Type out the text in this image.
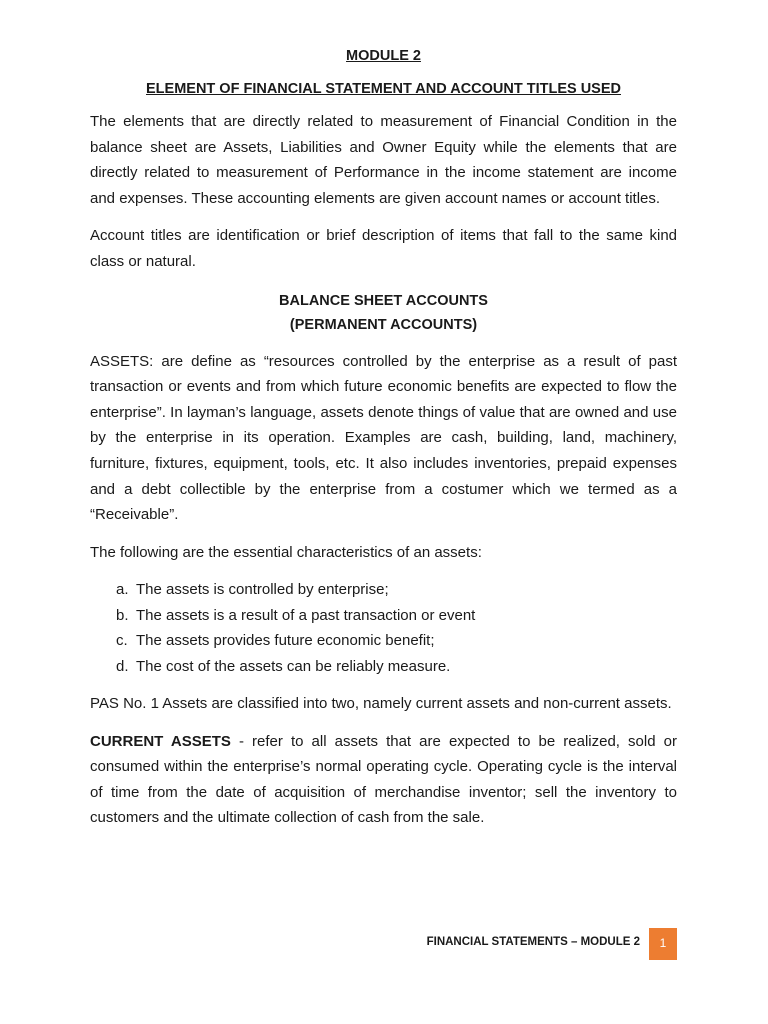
MODULE 2

ELEMENT OF FINANCIAL STATEMENT AND ACCOUNT TITLES USED

The elements that are directly related to measurement of Financial Condition in the balance sheet are Assets, Liabilities and Owner Equity while the elements that are directly related to measurement of Performance in the income statement are income and expenses. These accounting elements are given account names or account titles.

Account titles are identification or brief description of items that fall to the same kind class or natural.

BALANCE SHEET ACCOUNTS
(PERMANENT ACCOUNTS)

ASSETS: are define as “resources controlled by the enterprise as a result of past transaction or events and from which future economic benefits are expected to flow the enterprise”. In layman’s language, assets denote things of value that are owned and use by the enterprise in its operation. Examples are cash, building, land, machinery, furniture, fixtures, equipment, tools, etc. It also includes inventories, prepaid expenses and a debt collectible by the enterprise from a costumer which we termed as a “Receivable”.

The following are the essential characteristics of an assets:

a. The assets is controlled by enterprise;
b. The assets is a result of a past transaction or event
c. The assets provides future economic benefit;
d. The cost of the assets can be reliably measure.

PAS No. 1 Assets are classified into two, namely current assets and non-current assets.

CURRENT ASSETS - refer to all assets that are expected to be realized, sold or consumed within the enterprise’s normal operating cycle. Operating cycle is the interval of time from the date of acquisition of merchandise inventor; sell the inventory to customers and the ultimate collection of cash from the sale.

FINANCIAL STATEMENTS – MODULE 2	1
